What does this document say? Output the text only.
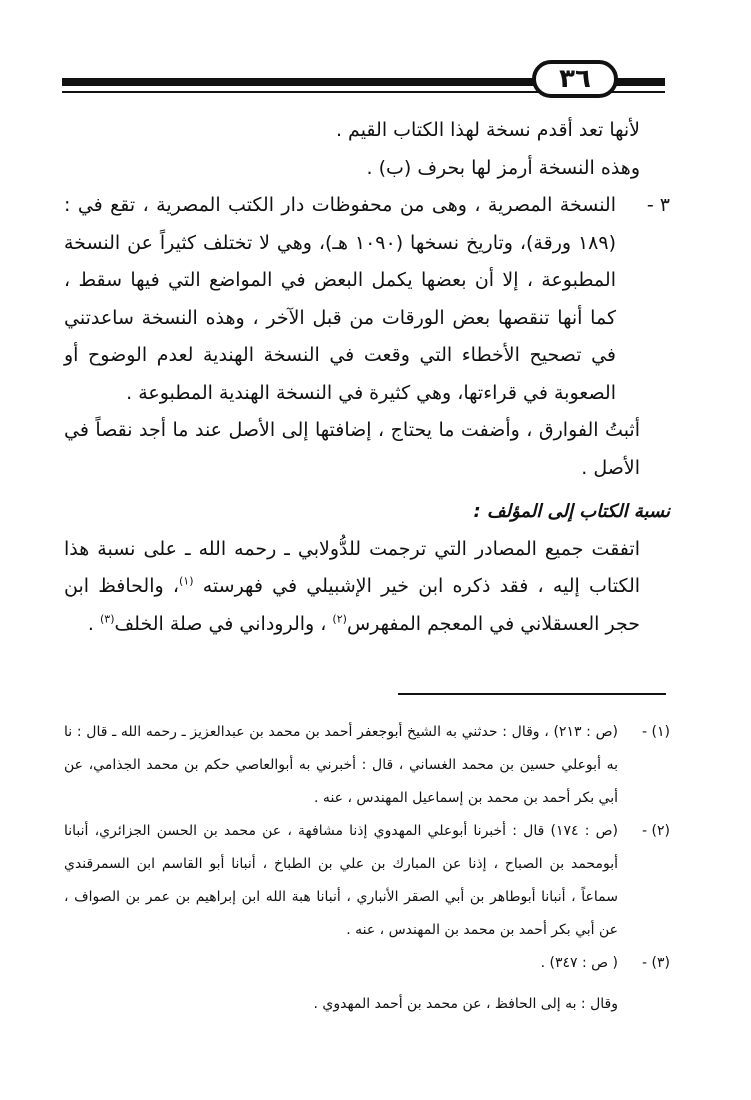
٣٦

لأنها تعد أقدم نسخة لهذا الكتاب القيم .

وهذه النسخة أرمز لها بحرف (ب) .

٣ -النسخة المصرية ، وهى من محفوظات دار الكتب المصرية ، تقع في : (١٨٩ ورقة)، وتاريخ نسخها (١٠٩٠ هـ)، وهي لا تختلف كثيراً عن النسخة المطبوعة ، إلا أن بعضها يكمل البعض في المواضع التي فيها سقط ، كما أنها تنقصها بعض الورقات من قبل الآخر ، وهذه النسخة ساعدتني في تصحيح الأخطاء التي وقعت في النسخة الهندية لعدم الوضوح أو الصعوبة في قراءتها، وهي كثيرة في النسخة الهندية المطبوعة .

أثبتُ الفوارق ، وأضفت ما يحتاج ، إضافتها إلى الأصل عند ما أجد نقصاً في الأصل .

نسبة الكتاب إلى المؤلف :

اتفقت جميع المصادر التي ترجمت للدُّولابي ـ رحمه الله ـ على نسبة هذا الكتاب إليه ، فقد ذكره ابن خير الإشبيلي في فهرسته $^{(١)}$، والحافظ ابن حجر العسقلاني في المعجم المفهرس$^{(٢)}$ ، والروداني في صلة الخلف$^{(٣)}$ .

(١) -(ص : ٢١٣) ، وقال : حدثني به الشيخ أبوجعفر أحمد بن محمد بن عبدالعزيز ـ رحمه الله ـ قال : نا به أبوعلي حسين بن محمد الغساني ، قال : أخبرني به أبوالعاصي حكم بن محمد الجذامي، عن أبي بكر أحمد بن محمد بن إسماعيل المهندس ، عنه .

(٢) -(ص : ١٧٤) قال : أخبرنا أبوعلي المهدوي إذنا مشافهة ، عن محمد بن الحسن الجزائري، أنبانا أبومحمد بن الصباح ، إذنا عن المبارك بن علي بن الطباخ ، أنبانا أبو القاسم ابن السمرقندي سماعاً ، أنبانا أبوطاهر بن أبي الصقر الأنباري ، أنبانا هبة الله ابن إبراهيم بن عمر بن الصواف ، عن أبي بكر أحمد بن محمد بن المهندس ، عنه .

(٣) -( ص : ٣٤٧) .

وقال : به إلى الحافظ ، عن محمد بن أحمد المهدوي .
